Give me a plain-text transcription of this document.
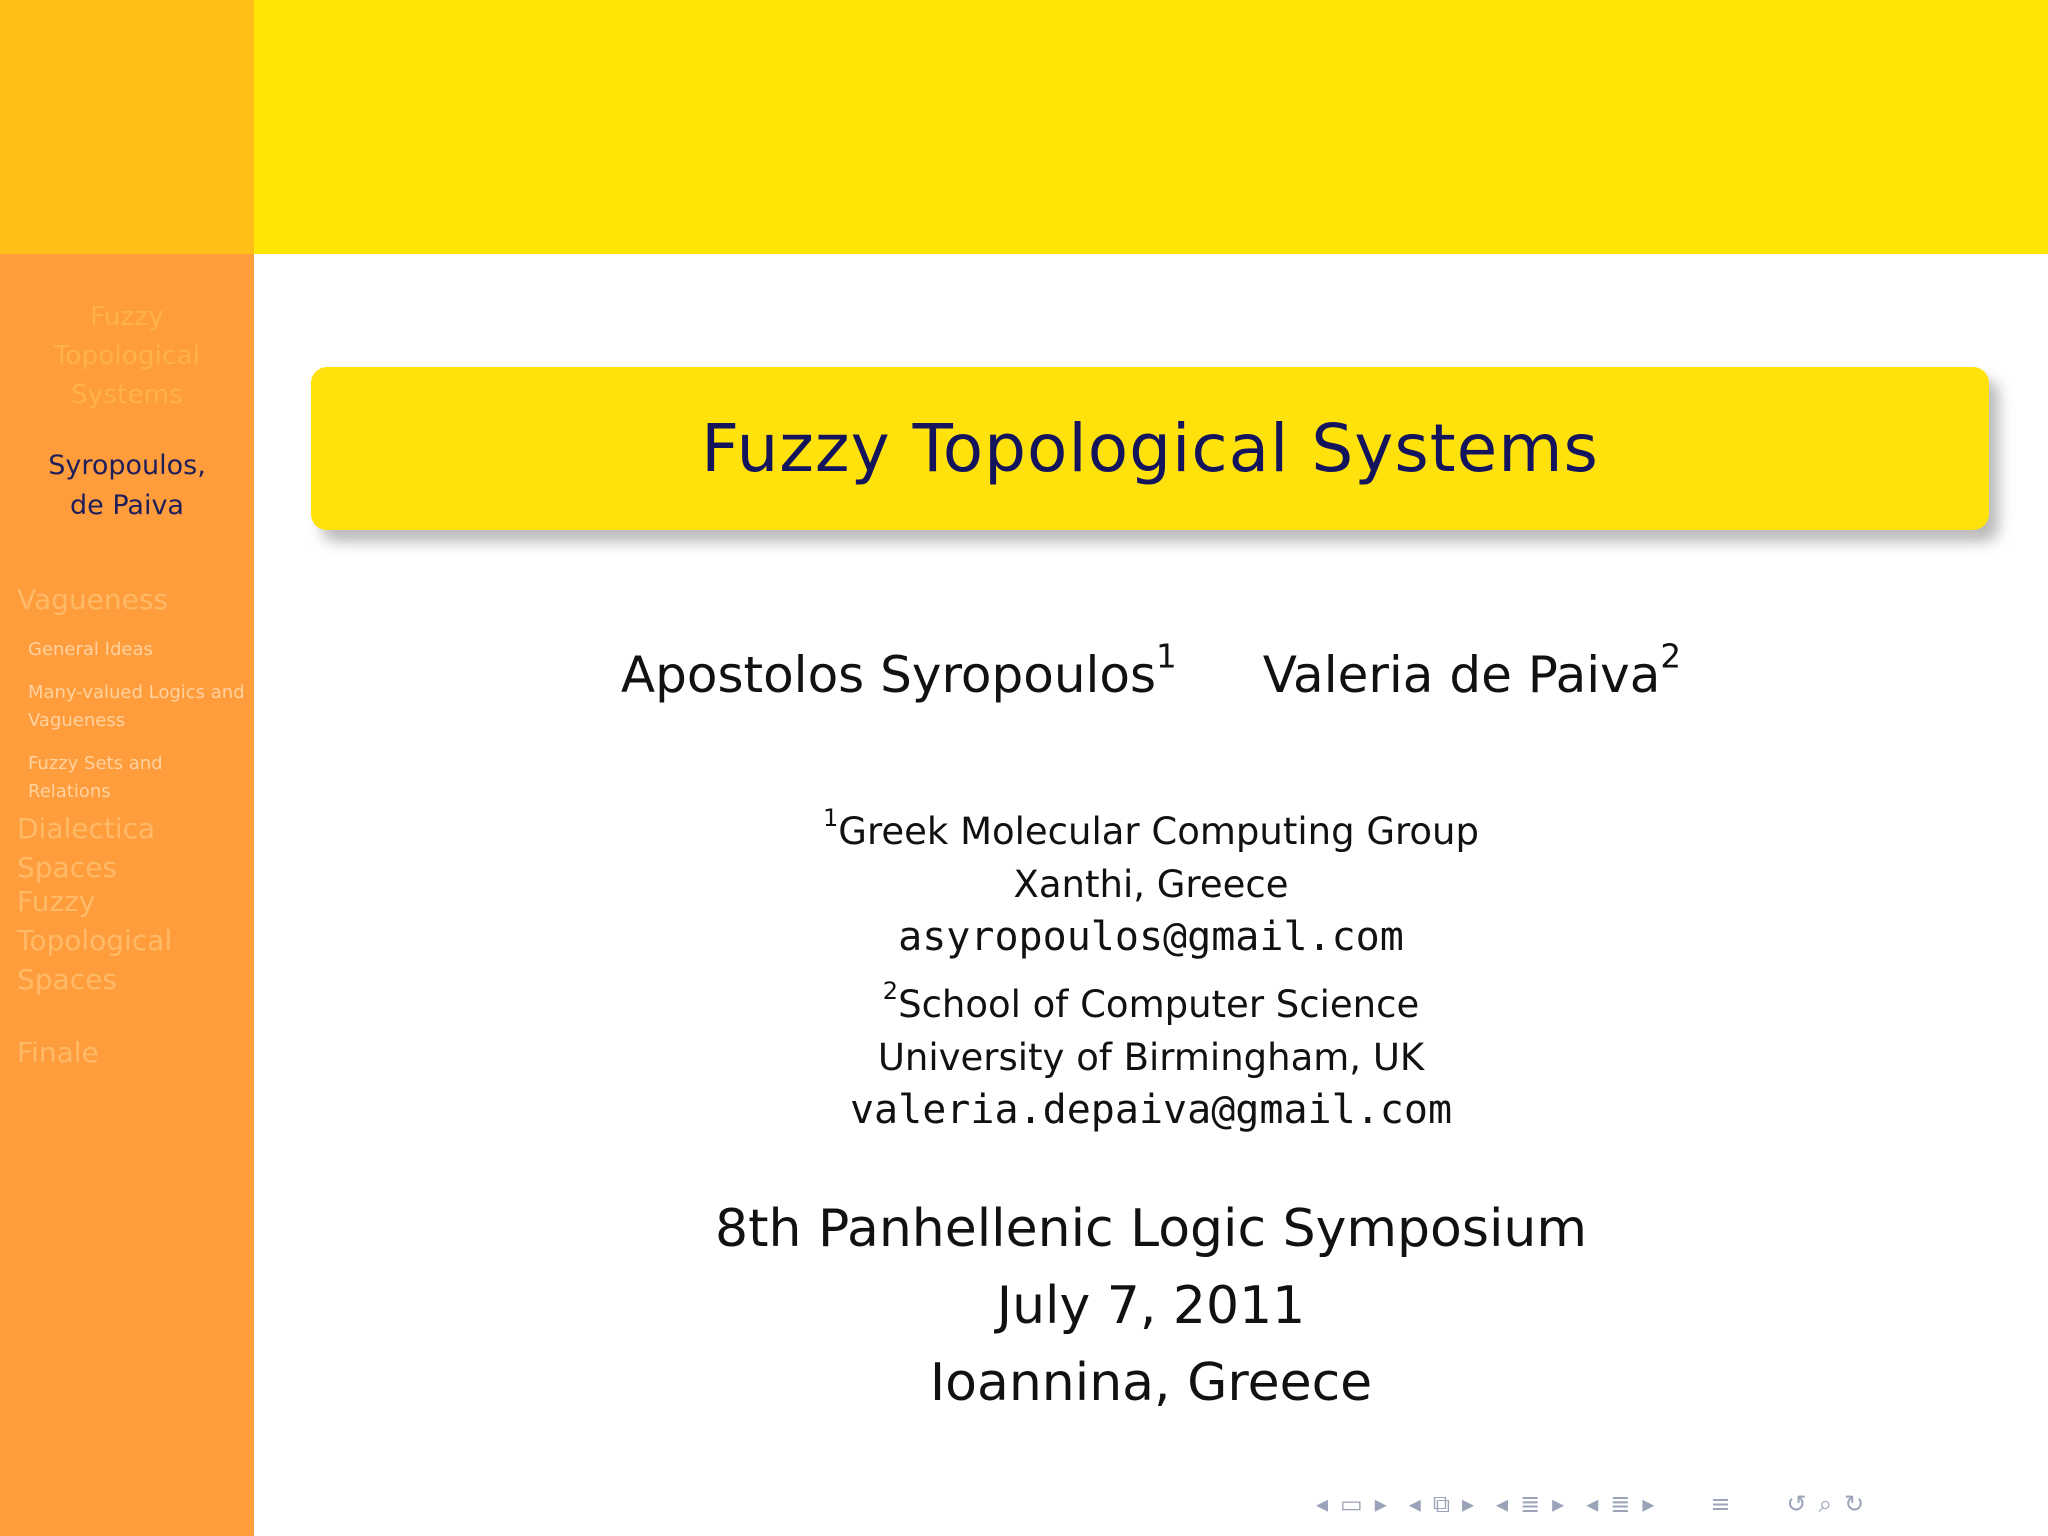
Fuzzy
Topological
Systems
Syropoulos,
de Paiva
Vagueness
General Ideas
Many-valued Logics and Vagueness
Fuzzy Sets and Relations
Dialectica Spaces
Fuzzy Topological Spaces
Finale
Fuzzy Topological Systems
Apostolos Syropoulos$^1$ Valeria de Paiva$^2$
$^1$Greek Molecular Computing Group
Xanthi, Greece
asyropoulos@gmail.com
$^2$School of Computer Science
University of Birmingham, UK
valeria.depaiva@gmail.com
8th Panhellenic Logic Symposium
July 7, 2011
Ioannina, Greece
◂ ▭ ▸ ◂ ⧉ ▸ ◂ ≣ ▸ ◂ ≣ ▸ ≡ ↺ ⌕ ↻
